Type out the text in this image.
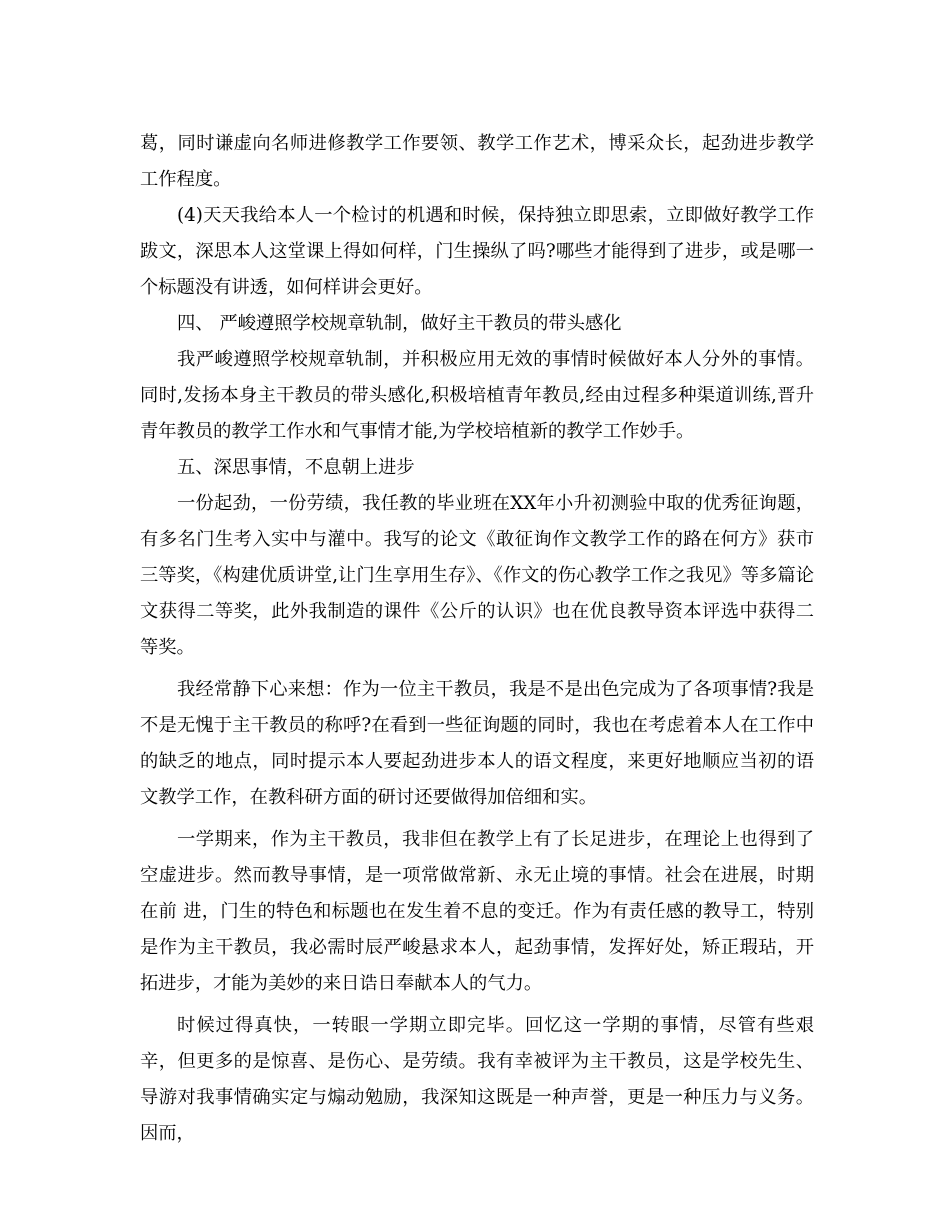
葛，同时谦虚向名师进修教学工作要领、教学工作艺术，博采众长，起劲进步教学工作程度。

(4)天天我给本人一个检讨的机遇和时候，保持独立即思索，立即做好教学工作跋文，深思本人这堂课上得如何样，门生操纵了吗?哪些才能得到了进步，或是哪一个标题没有讲透，如何样讲会更好。

四、 严峻遵照学校规章轨制，做好主干教员的带头感化

我严峻遵照学校规章轨制，并积极应用无效的事情时候做好本人分外的事情。同时,发扬本身主干教员的带头感化,积极培植青年教员,经由过程多种渠道训练,晋升青年教员的教学工作水和气事情才能,为学校培植新的教学工作妙手。

五、深思事情，不息朝上进步

一份起劲，一份劳绩，我任教的毕业班在XX年小升初测验中取的优秀征询题，有多名门生考入实中与灌中。我写的论文《敢征询作文教学工作的路在何方》获市三等奖，《构建优质讲堂,让门生享用生存》、《作文的伤心教学工作之我见》等多篇论文获得二等奖，此外我制造的课件《公斤的认识》也在优良教导资本评选中获得二等奖。

我经常静下心来想：作为一位主干教员，我是不是出色完成为了各项事情?我是不是无愧于主干教员的称呼?在看到一些征询题的同时，我也在考虑着本人在工作中的缺乏的地点，同时提示本人要起劲进步本人的语文程度，来更好地顺应当初的语文教学工作，在教科研方面的研讨还要做得加倍细和实。

一学期来，作为主干教员，我非但在教学上有了长足进步，在理论上也得到了空虚进步。然而教导事情，是一项常做常新、永无止境的事情。社会在进展，时期在前 进，门生的特色和标题也在发生着不息的变迁。作为有责任感的教导工，特别是作为主干教员，我必需时辰严峻悬求本人，起劲事情，发挥好处，矫正瑕玷，开 拓进步，才能为美妙的来日诰日奉献本人的气力。

时候过得真快，一转眼一学期立即完毕。回忆这一学期的事情，尽管有些艰辛，但更多的是惊喜、是伤心、是劳绩。我有幸被评为主干教员，这是学校先生、导游对我事情确实定与煽动勉励，我深知这既是一种声誉，更是一种压力与义务。因而，
